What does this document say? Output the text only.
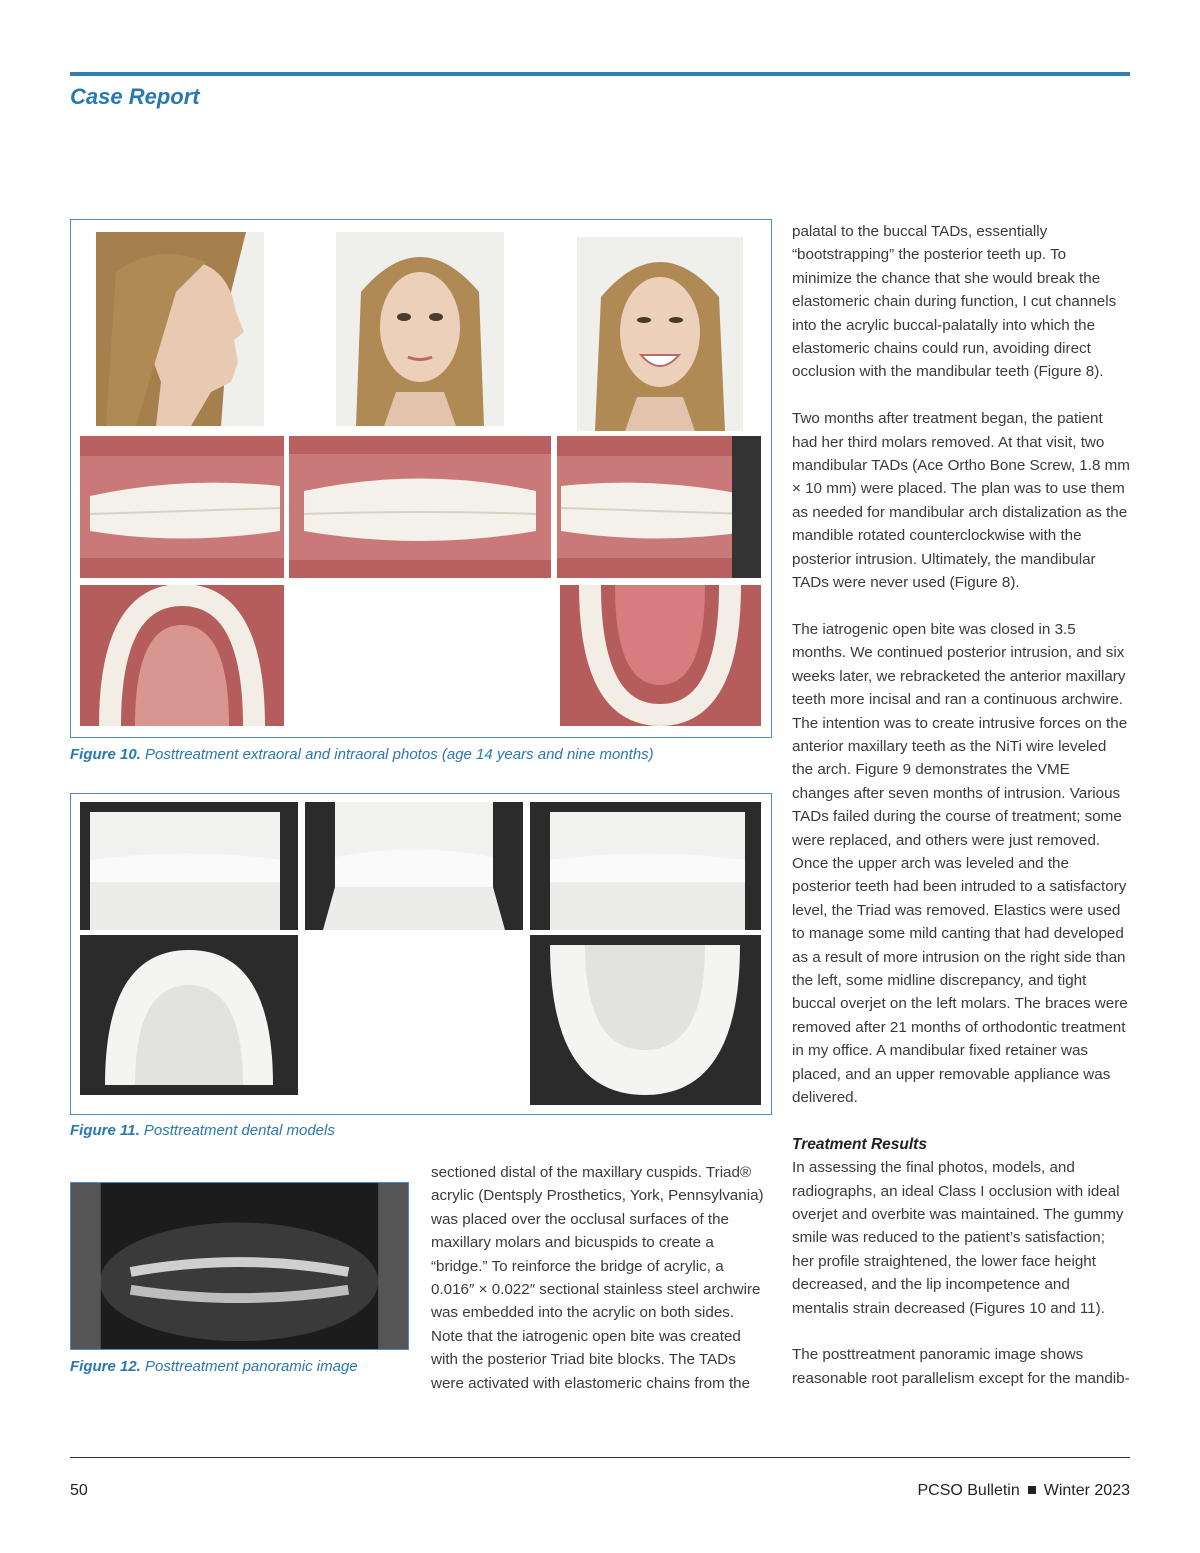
Case Report

Figure 10. Posttreatment extraoral and intraoral photos (age 14 years and nine months)

Figure 11. Posttreatment dental models

Figure 12. Posttreatment panoramic image

sectioned distal of the maxillary cuspids. Triad® acrylic (Dentsply Prosthetics, York, Pennsylvania) was placed over the occlusal surfaces of the maxillary molars and bicuspids to create a “bridge.” To reinforce the bridge of acrylic, a 0.016″ × 0.022″ sectional stainless steel archwire was embedded into the acrylic on both sides. Note that the iatrogenic open bite was created with the posterior Triad bite blocks. The TADs were activated with elastomeric chains from the

palatal to the buccal TADs, essentially “bootstrapping” the posterior teeth up. To minimize the chance that she would break the elastomeric chain during function, I cut channels into the acrylic buccal-palatally into which the elastomeric chains could run, avoiding direct occlusion with the mandibular teeth (Figure 8).

Two months after treatment began, the patient had her third molars removed. At that visit, two mandibular TADs (Ace Ortho Bone Screw, 1.8 mm × 10 mm) were placed. The plan was to use them as needed for mandibular arch distalization as the mandible rotated counterclockwise with the posterior intrusion. Ultimately, the mandibular TADs were never used (Figure 8).

The iatrogenic open bite was closed in 3.5 months. We continued posterior intrusion, and six weeks later, we rebracketed the anterior maxillary teeth more incisal and ran a continuous archwire. The intention was to create intrusive forces on the anterior maxillary teeth as the NiTi wire leveled the arch. Figure 9 demonstrates the VME changes after seven months of intrusion. Various TADs failed during the course of treatment; some were replaced, and others were just removed. Once the upper arch was leveled and the posterior teeth had been intruded to a satisfactory level, the Triad was removed. Elastics were used to manage some mild canting that had developed as a result of more intrusion on the right side than the left, some midline discrepancy, and tight buccal overjet on the left molars. The braces were removed after 21 months of orthodontic treatment in my office. A mandibular fixed retainer was placed, and an upper removable appliance was delivered.

Treatment Results

In assessing the final photos, models, and radiographs, an ideal Class I occlusion with ideal overjet and overbite was maintained. The gummy smile was reduced to the patient’s satisfaction; her profile straightened, the lower face height decreased, and the lip incompetence and mentalis strain decreased (Figures 10 and 11).

The posttreatment panoramic image shows reasonable root parallelism except for the mandib-

50	PCSO Bulletin Winter 2023
